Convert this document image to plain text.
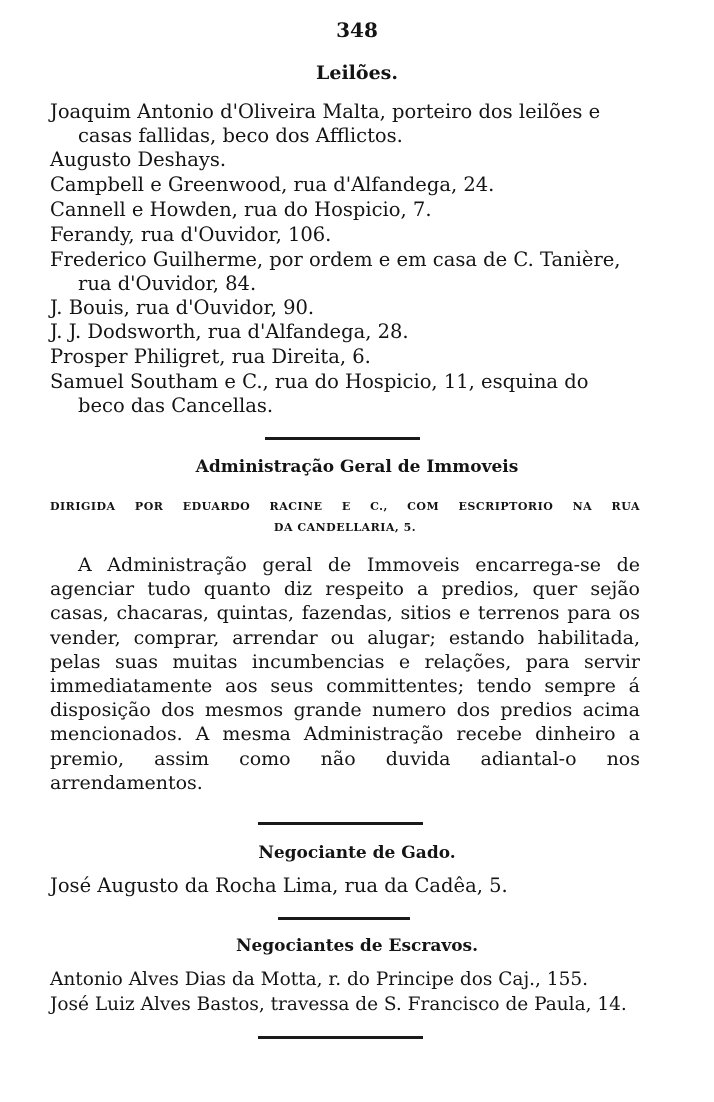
348
Leilões.
Joaquim Antonio d'Oliveira Malta, porteiro dos leilões e
casas fallidas, beco dos Afflictos.
Augusto Deshays.
Campbell e Greenwood, rua d'Alfandega, 24.
Cannell e Howden, rua do Hospicio, 7.
Ferandy, rua d'Ouvidor, 106.
Frederico Guilherme, por ordem e em casa de C. Tanière,
rua d'Ouvidor, 84.
J. Bouis, rua d'Ouvidor, 90.
J. J. Dodsworth, rua d'Alfandega, 28.
Prosper Philigret, rua Direita, 6.
Samuel Southam e C., rua do Hospicio, 11, esquina do
beco das Cancellas.
Administração Geral de Immoveis
DIRIGIDA POR EDUARDO RACINE E C., COM ESCRIPTORIO NA RUA
DA CANDELLARIA, 5.
A Administração geral de Immoveis encarrega-se de agenciar tudo quanto diz respeito a predios, quer sejão casas, chacaras, quintas, fazendas, sitios e terrenos para os vender, comprar, arrendar ou alugar; estando habilitada, pelas suas muitas incumbencias e relações, para servir immediatamente aos seus committentes; tendo sempre á disposição dos mesmos grande numero dos predios acima mencionados. A mesma Administração recebe dinheiro a premio, assim como não duvida adiantal-o nos arrendamentos.
Negociante de Gado.
José Augusto da Rocha Lima, rua da Cadêa, 5.
Negociantes de Escravos.
Antonio Alves Dias da Motta, r. do Principe dos Caj., 155.
José Luiz Alves Bastos, travessa de S. Francisco de Paula, 14.
